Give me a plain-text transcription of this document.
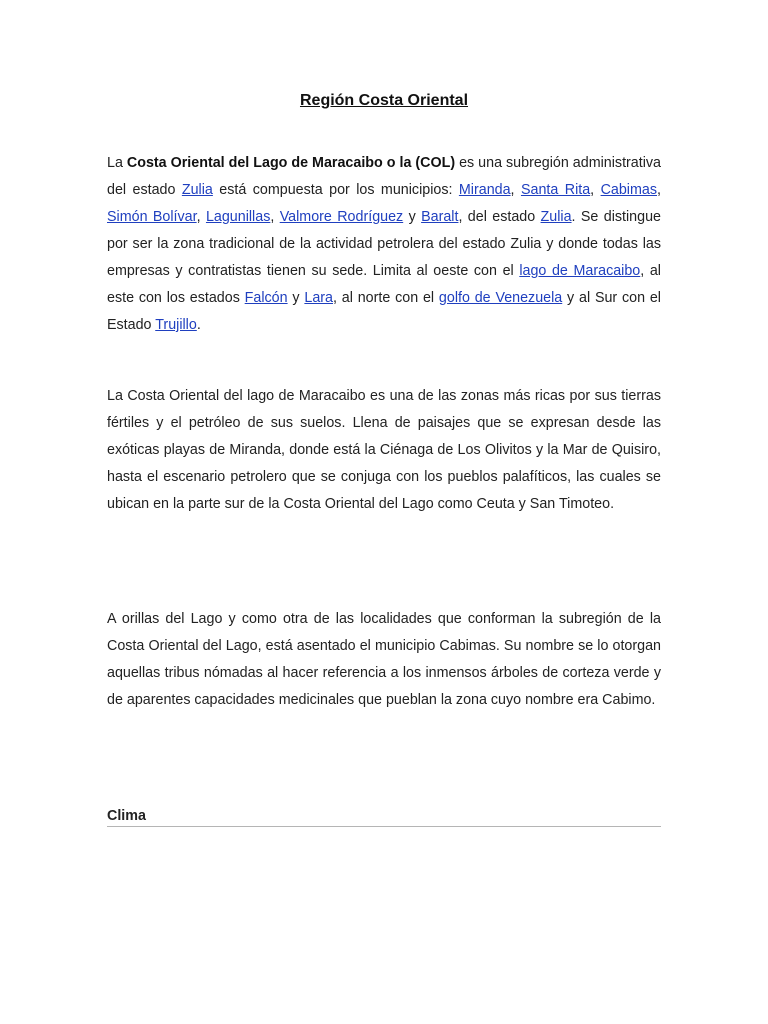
Región Costa Oriental

La Costa Oriental del Lago de Maracaibo o la (COL) es una subregión administrativa del estado Zulia está compuesta por los municipios: Miranda, Santa Rita, Cabimas, Simón Bolívar, Lagunillas, Valmore Rodríguez y Baralt, del estado Zulia. Se distingue por ser la zona tradicional de la actividad petrolera del estado Zulia y donde todas las empresas y contratistas tienen su sede. Limita al oeste con el lago de Maracaibo, al este con los estados Falcón y Lara, al norte con el golfo de Venezuela y al Sur con el Estado Trujillo.

La Costa Oriental del lago de Maracaibo es una de las zonas más ricas por sus tierras fértiles y el petróleo de sus suelos. Llena de paisajes que se expresan desde las exóticas playas de Miranda, donde está la Ciénaga de Los Olivitos y la Mar de Quisiro, hasta el escenario petrolero que se conjuga con los pueblos palafíticos, las cuales se ubican en la parte sur de la Costa Oriental del Lago como Ceuta y San Timoteo.

A orillas del Lago y como otra de las localidades que conforman la subregión de la Costa Oriental del Lago, está asentado el municipio Cabimas. Su nombre se lo otorgan aquellas tribus nómadas al hacer referencia a los inmensos árboles de corteza verde y de aparentes capacidades medicinales que pueblan la zona cuyo nombre era Cabimo.

Clima
